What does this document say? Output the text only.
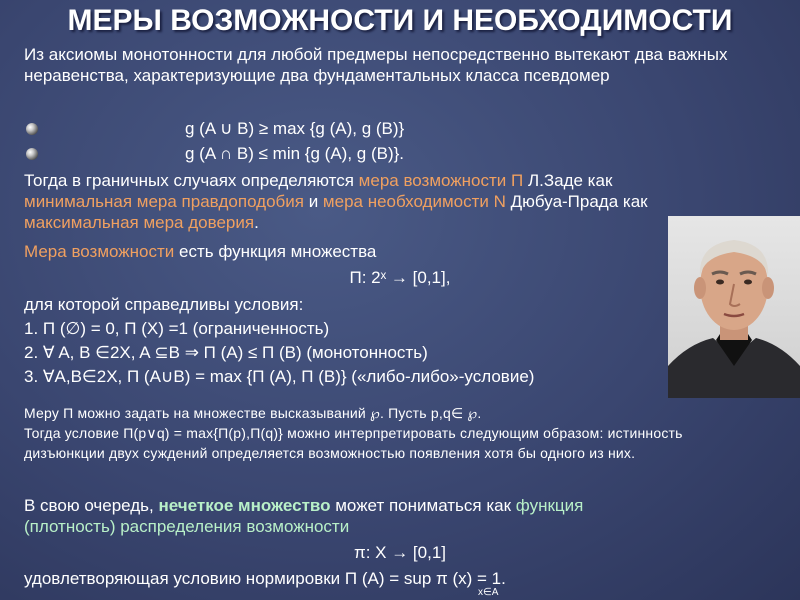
МЕРЫ ВОЗМОЖНОСТИ И НЕОБХОДИМОСТИ
Из аксиомы монотонности для любой предмеры непосредственно вытекают два важных неравенства, характеризующие два фундаментальных класса псевдомер
g (A ∪ B) ≥ max {g (A), g (B)}
g (A ∩ B) ≤ min {g (A), g (B)}.
Тогда в граничных случаях определяются мера возможности П Л.Заде как
минимальная мера правдоподобия и мера необходимости N Дюбуа-Прада как
максимальная мера доверия.
Мера возможности есть функция множества
П: 2ˣ → [0,1],
для которой справедливы условия:
1. П (∅) = 0, П (X) =1 (ограниченность)
2. ∀ A, B ∈2X, A ⊆B ⇒ П (A) ≤ П (B) (монотонность)
3. ∀A,B∈2X, П (A∪B) = max {П (A), П (B)} («либо-либо»-условие)
Меру П можно задать на множестве высказываний ℘. Пусть p,q∈ ℘.
Тогда условие П(p∨q) = max{П(p),П(q)} можно интерпретировать следующим образом: истинность дизъюнкции двух суждений определяется возможностью появления хотя бы одного из них.
В свою очередь, нечеткое множество может пониматься как функция
(плотность) распределения возможности
π: X → [0,1]
удовлетворяющая условию нормировки П (A) = sup π (x) = 1.
x∈A
